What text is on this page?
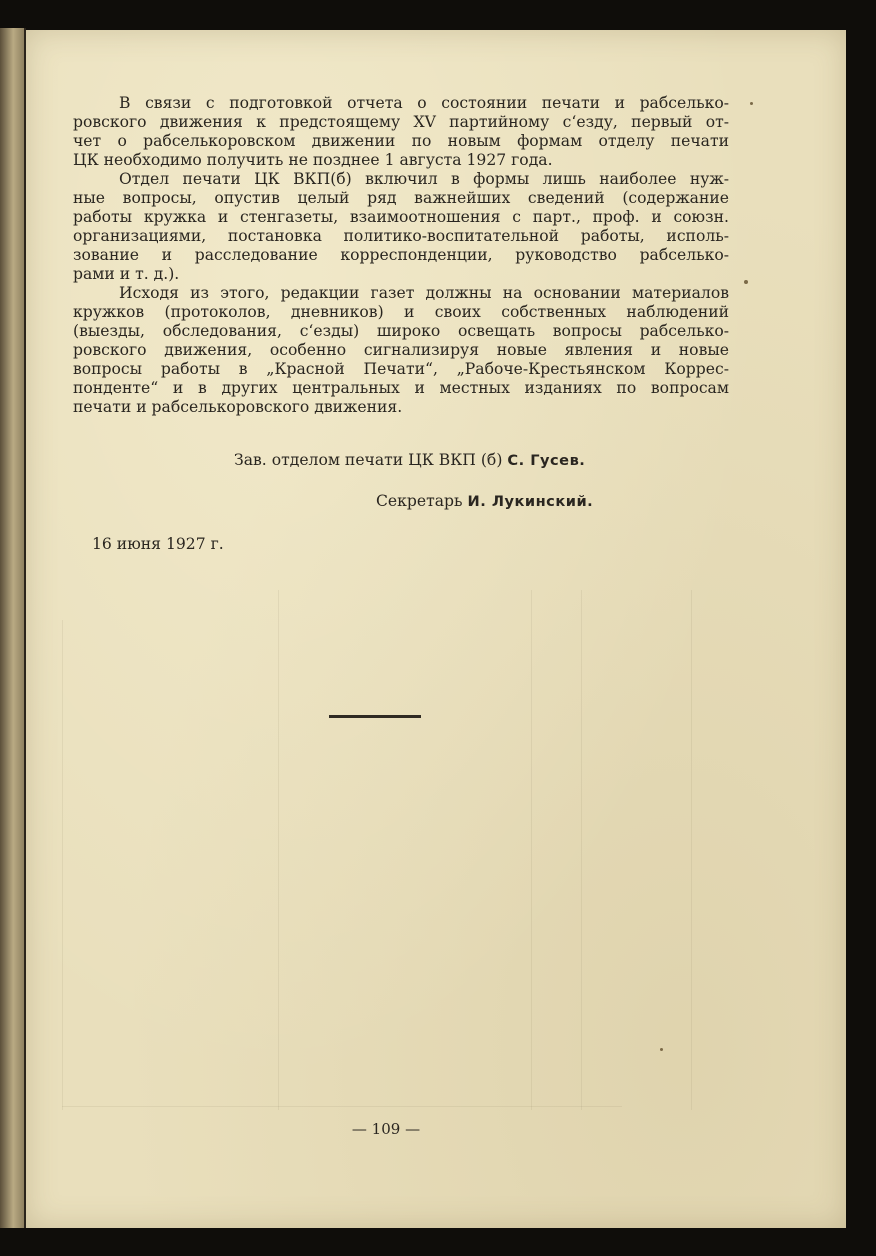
В связи с подготовкой отчета о состоянии печати и рабселько-
ровского движения к предстоящему XV партийному с‘езду, первый от-
чет о рабселькоровском движении по новым формам отделу печати
ЦК необходимо получить не позднее 1 августа 1927 года.
Отдел печати ЦК ВКП(б) включил в формы лишь наиболее нуж-
ные вопросы, опустив целый ряд важнейших сведений (содержание
работы кружка и стенгазеты, взаимоотношения с парт., проф. и союзн.
организациями, постановка политико-воспитательной работы, исполь-
зование и расследование корреспонденции, руководство рабселько-
рами и т. д.).
Исходя из этого, редакции газет должны на основании материалов
кружков (протоколов, дневников) и своих собственных наблюдений
(выезды, обследования, с‘езды) широко освещать вопросы рабселько-
ровского движения, особенно сигнализируя новые явления и новые
вопросы работы в „Красной Печати“, „Рабоче-Крестьянском Коррес-
понденте“ и в других центральных и местных изданиях по вопросам
печати и рабселькоровского движения.
Зав. отделом печати ЦК ВКП (б) С. Гусев.
Секретарь И. Лукинский.
16 июня 1927 г.
— 109 —
